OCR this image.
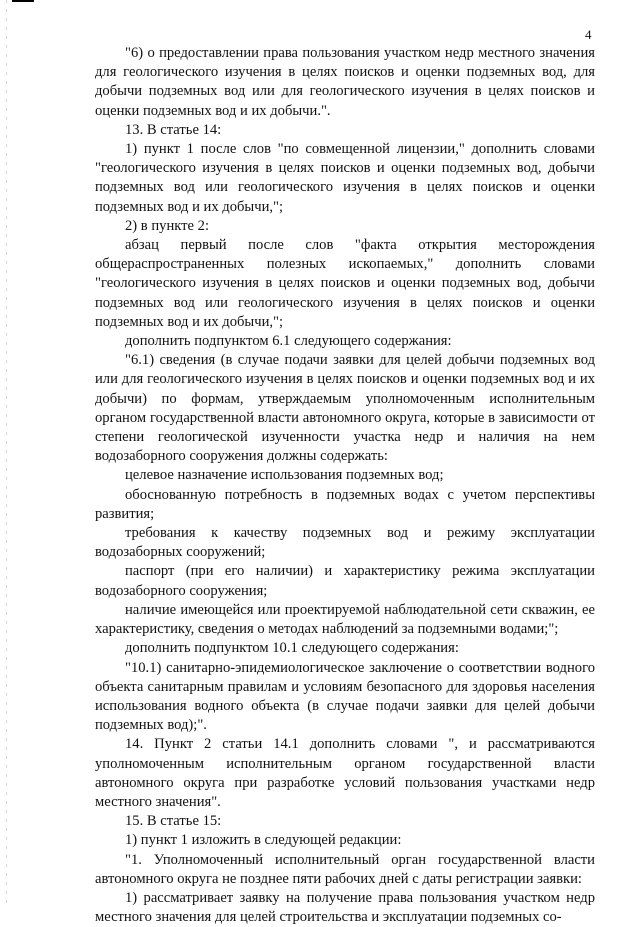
4

"6) о предоставлении права пользования участком недр местного значения для геологического изучения в целях поисков и оценки подземных вод, для добычи подземных вод или для геологического изучения в целях поисков и оценки подземных вод и их добычи.".

13. В статье 14:

1) пункт 1 после слов "по совмещенной лицензии," дополнить словами "геологического изучения в целях поисков и оценки подземных вод, добычи подземных вод или геологического изучения в целях поисков и оценки подземных вод и их добычи,";

2) в пункте 2:

абзац первый после слов "факта открытия месторождения общераспространенных полезных ископаемых," дополнить словами "геологического изучения в целях поисков и оценки подземных вод, добычи подземных вод или геологического изучения в целях поисков и оценки подземных вод и их добычи,";

дополнить подпунктом 6.1 следующего содержания:

"6.1) сведения (в случае подачи заявки для целей добычи подземных вод или для геологического изучения в целях поисков и оценки подземных вод и их добычи) по формам, утверждаемым уполномоченным исполнительным органом государственной власти автономного округа, которые в зависимости от степени геологической изученности участка недр и наличия на нем водозаборного сооружения должны содержать:

целевое назначение использования подземных вод;

обоснованную потребность в подземных водах с учетом перспективы развития;

требования к качеству подземных вод и режиму эксплуатации водозаборных сооружений;

паспорт (при его наличии) и характеристику режима эксплуатации водозаборного сооружения;

наличие имеющейся или проектируемой наблюдательной сети скважин, ее характеристику, сведения о методах наблюдений за подземными водами;";

дополнить подпунктом 10.1 следующего содержания:

"10.1) санитарно-эпидемиологическое заключение о соответствии водного объекта санитарным правилам и условиям безопасного для здоровья населения использования водного объекта (в случае подачи заявки для целей добычи подземных вод);".

14. Пункт 2 статьи 14.1 дополнить словами ", и рассматриваются уполномоченным исполнительным органом государственной власти автономного округа при разработке условий пользования участками недр местного значения".

15. В статье 15:

1) пункт 1 изложить в следующей редакции:

"1. Уполномоченный исполнительный орган государственной власти автономного округа не позднее пяти рабочих дней с даты регистрации заявки:

1) рассматривает заявку на получение права пользования участком недр местного значения для целей строительства и эксплуатации подземных со-
